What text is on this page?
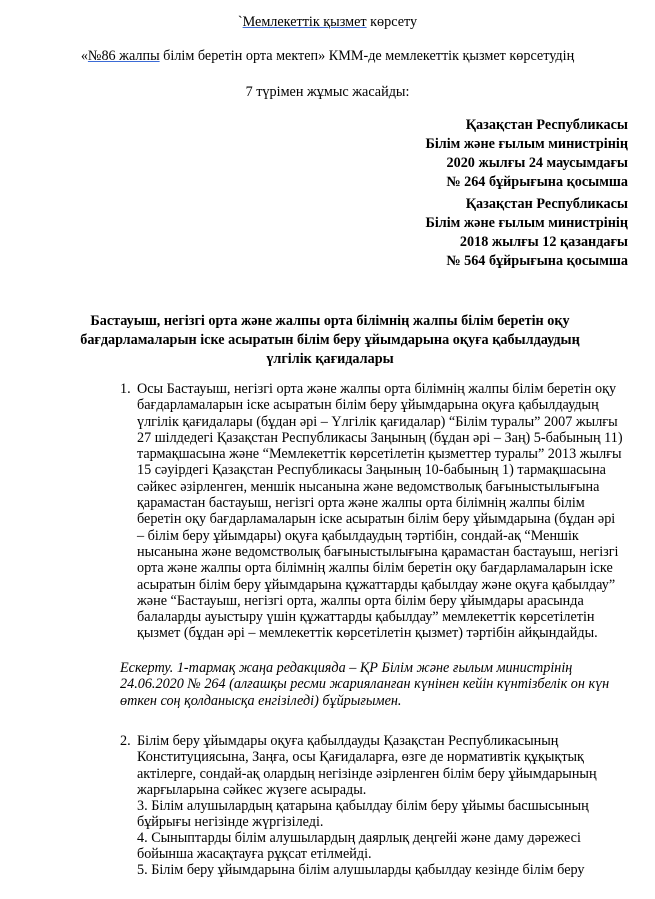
`Мемлекеттік қызмет көрсету
«№86 жалпы білім беретін орта мектеп» КММ-де мемлекеттік қызмет көрсетудің
7 түрімен жұмыс жасайды:
Қазақстан Республикасы
Білім және ғылым министрінің
2020 жылғы 24 маусымдағы
№ 264 бұйрығына қосымша
Қазақстан Республикасы
Білім және ғылым министрінің
2018 жылғы 12 қазандағы
№ 564 бұйрығына қосымша
Бастауыш, негізгі орта және жалпы орта білімнің жалпы білім беретін оқу бағдарламаларын іске асыратын білім беру ұйымдарына оқуға қабылдаудың үлгілік қағидалары
1. Осы Бастауыш, негізгі орта және жалпы орта білімнің жалпы білім беретін оқу бағдарламаларын іске асыратын білім беру ұйымдарына оқуға қабылдаудың үлгілік қағидалары (бұдан әрі – Үлгілік қағидалар) “Білім туралы” 2007 жылғы 27 шілдедегі Қазақстан Республикасы Заңының (бұдан әрі – Заң) 5-бабының 11) тармақшасына және “Мемлекеттік көрсетілетін қызметтер туралы” 2013 жылғы 15 сәуірдегі Қазақстан Республикасы Заңының 10-бабының 1) тармақшасына сәйкес әзірленген, меншік нысанына және ведомстволық бағыныстылығына қарамастан бастауыш, негізгі орта және жалпы орта білімнің жалпы білім беретін оқу бағдарламаларын іске асыратын білім беру ұйымдарына (бұдан әрі – білім беру ұйымдары) оқуға қабылдаудың тәртібін, сондай-ақ “Меншік нысанына және ведомстволық бағыныстылығына қарамастан бастауыш, негізгі орта және жалпы орта білімнің жалпы білім беретін оқу бағдарламаларын іске асыратын білім беру ұйымдарына құжаттарды қабылдау және оқуға қабылдау” және “Бастауыш, негізгі орта, жалпы орта білім беру ұйымдары арасында балаларды ауыстыру үшін құжаттарды қабылдау” мемлекеттік көрсетілетін қызмет (бұдан әрі – мемлекеттік көрсетілетін қызмет) тәртібін айқындайды.
Ескерту. 1-тармақ жаңа редакцияда – ҚР Білім және ғылым министрінің 24.06.2020 № 264 (алғашқы ресми жарияланған күнінен кейін күнтізбелік он күн өткен соң қолданысқа енгізіледі) бұйрығымен.
2. Білім беру ұйымдары оқуға қабылдауды Қазақстан Республикасының Конституциясына, Заңға, осы Қағидаларға, өзге де нормативтік құқықтық актілерге, сондай-ақ олардың негізінде әзірленген білім беру ұйымдарының жарғыларына сәйкес жүзеге асырады.
3. Білім алушылардың қатарына қабылдау білім беру ұйымы басшысының бұйрығы негізінде жүргізіледі.
4. Сыныптарды білім алушылардың даярлық деңгейі және даму дәрежесі бойынша жасақтауға рұқсат етілмейді.
5. Білім беру ұйымдарына білім алушыларды қабылдау кезінде білім беру
